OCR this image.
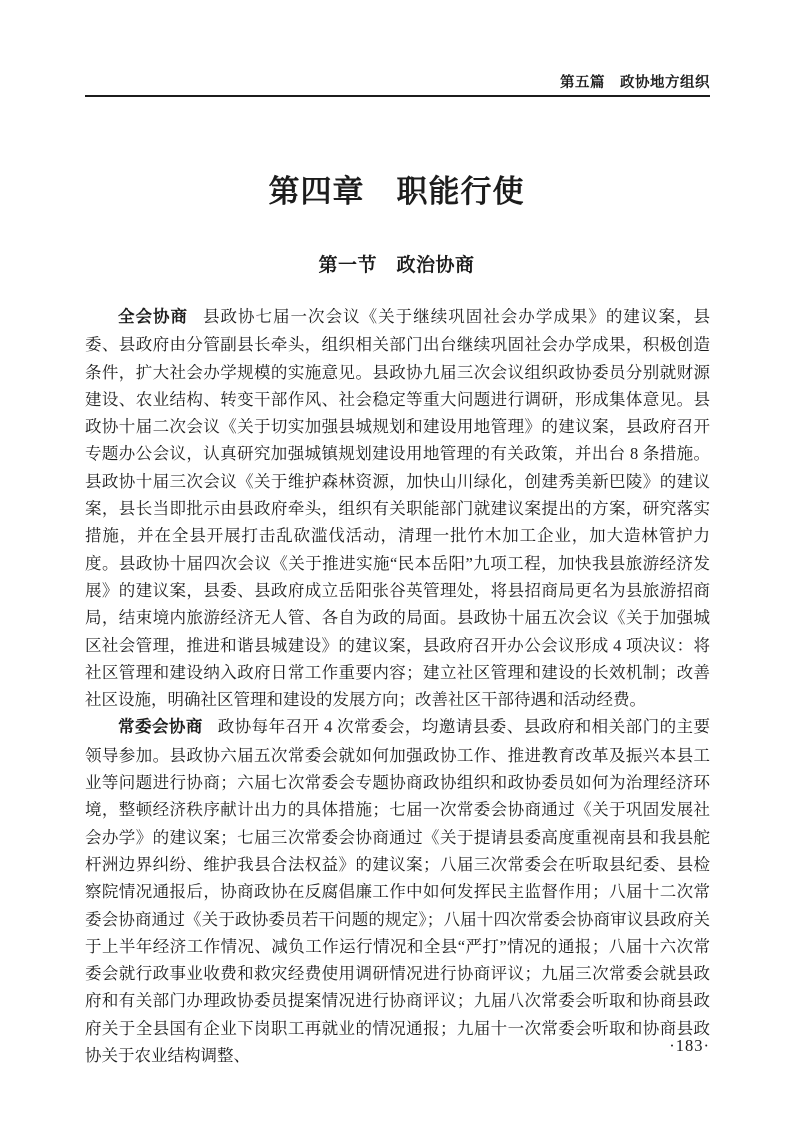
第五篇　政协地方组织
第四章　职能行使
第一节　政治协商

全会协商 县政协七届一次会议《关于继续巩固社会办学成果》的建议案，县委、县政府由分管副县长牵头，组织相关部门出台继续巩固社会办学成果，积极创造条件，扩大社会办学规模的实施意见。县政协九届三次会议组织政协委员分别就财源建设、农业结构、转变干部作风、社会稳定等重大问题进行调研，形成集体意见。县政协十届二次会议《关于切实加强县城规划和建设用地管理》的建议案，县政府召开专题办公会议，认真研究加强城镇规划建设用地管理的有关政策，并出台 8 条措施。县政协十届三次会议《关于维护森林资源，加快山川绿化，创建秀美新巴陵》的建议案，县长当即批示由县政府牵头，组织有关职能部门就建议案提出的方案，研究落实措施，并在全县开展打击乱砍滥伐活动，清理一批竹木加工企业，加大造林管护力度。县政协十届四次会议《关于推进实施“民本岳阳”九项工程，加快我县旅游经济发展》的建议案，县委、县政府成立岳阳张谷英管理处，将县招商局更名为县旅游招商局，结束境内旅游经济无人管、各自为政的局面。县政协十届五次会议《关于加强城区社会管理，推进和谐县城建设》的建议案，县政府召开办公会议形成 4 项决议：将社区管理和建设纳入政府日常工作重要内容；建立社区管理和建设的长效机制；改善社区设施，明确社区管理和建设的发展方向；改善社区干部待遇和活动经费。

常委会协商 政协每年召开 4 次常委会，均邀请县委、县政府和相关部门的主要领导参加。县政协六届五次常委会就如何加强政协工作、推进教育改革及振兴本县工业等问题进行协商；六届七次常委会专题协商政协组织和政协委员如何为治理经济环境，整顿经济秩序献计出力的具体措施；七届一次常委会协商通过《关于巩固发展社会办学》的建议案；七届三次常委会协商通过《关于提请县委高度重视南县和我县舵杆洲边界纠纷、维护我县合法权益》的建议案；八届三次常委会在听取县纪委、县检察院情况通报后，协商政协在反腐倡廉工作中如何发挥民主监督作用；八届十二次常委会协商通过《关于政协委员若干问题的规定》；八届十四次常委会协商审议县政府关于上半年经济工作情况、减负工作运行情况和全县“严打”情况的通报；八届十六次常委会就行政事业收费和救灾经费使用调研情况进行协商评议；九届三次常委会就县政府和有关部门办理政协委员提案情况进行协商评议；九届八次常委会听取和协商县政府关于全县国有企业下岗职工再就业的情况通报；九届十一次常委会听取和协商县政协关于农业结构调整、

·183·
